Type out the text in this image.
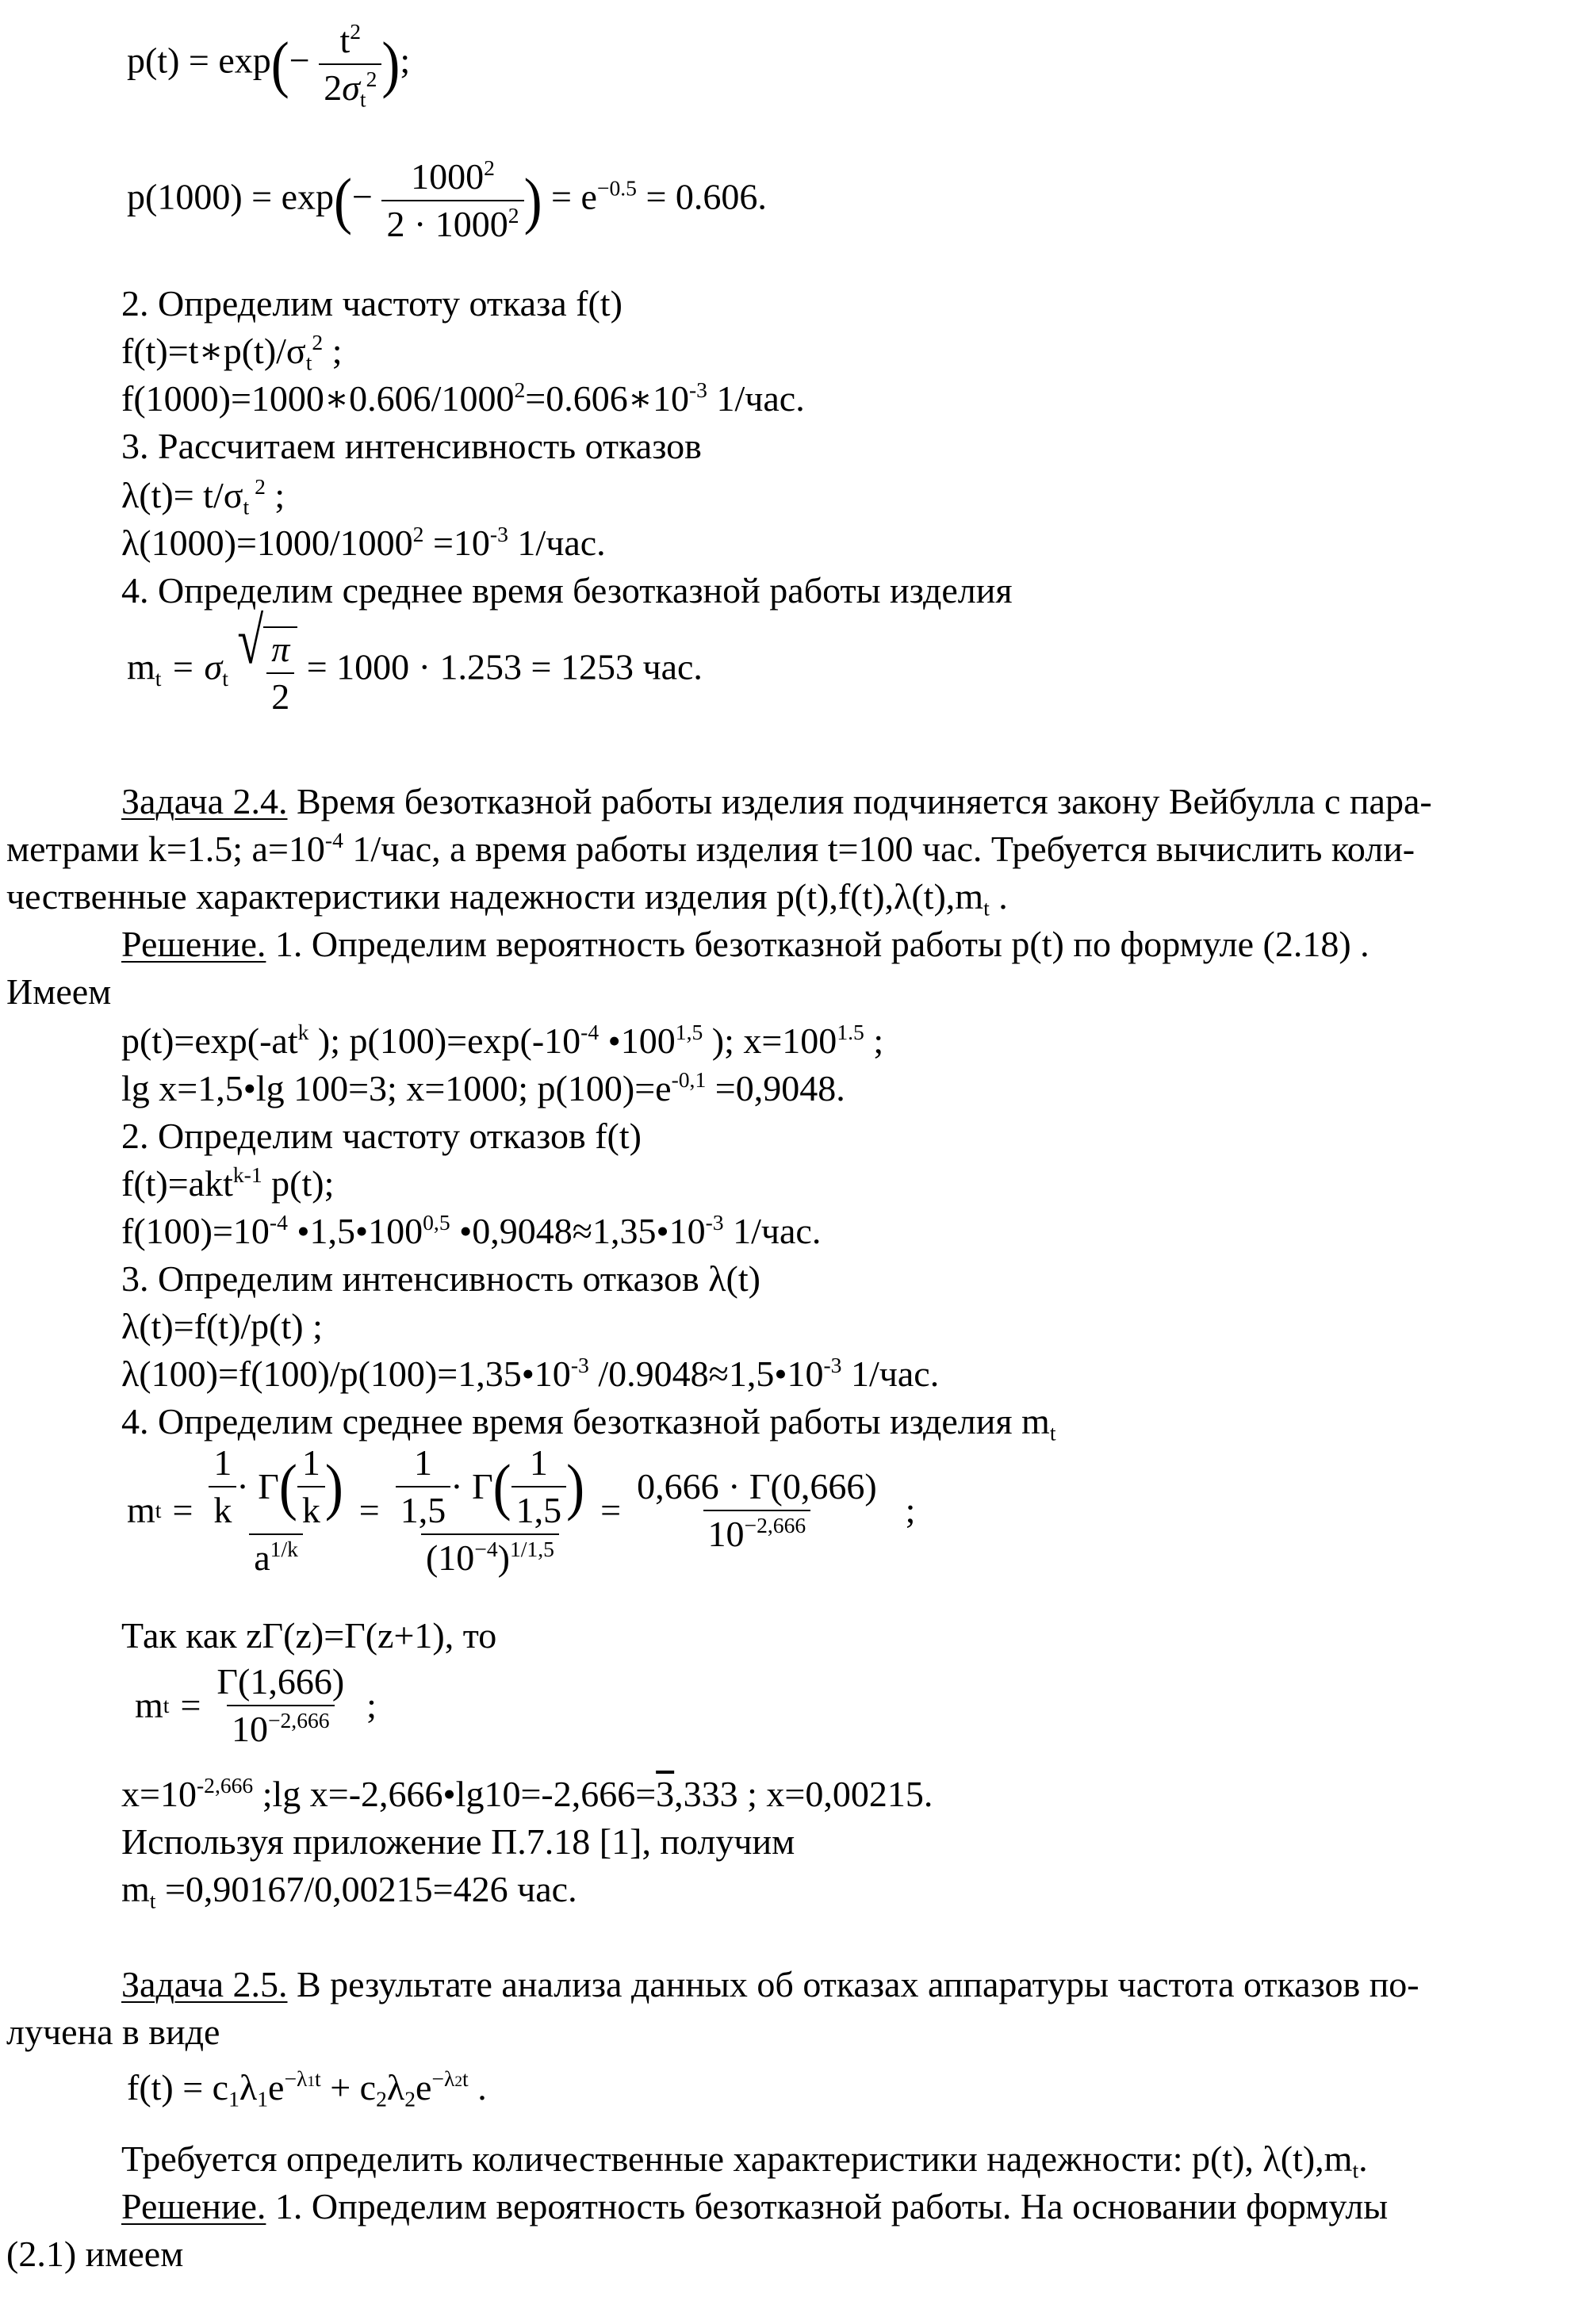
$p(t) = \exp(- \frac{t^2}{2\sigma_t^2}$ );
$p(1000) = \exp(- \frac{1000^2}{2 \cdot 1000^2}$ ) = $e^{-0.5} = 0.606$.
2. Определим частоту отказа f(t)
$f(t)=t∗p(t)/\sigma_t^2$ ;
$f(1000)=1000∗0.606/1000^2=0.606∗10^{-3}$ 1/час.
3. Рассчитаем интенсивность отказов
$\lambda(t)= t/\sigma_t$ $^2$ ;
$\lambda(1000)=1000/1000^2 =10^{-3}$ 1/час.
4. Определим среднее время безотказной работы изделия
$m_t = \sigma_t$
√ $\frac{\pi}{2} = 1000 \cdot 1.253 = 1253$ час.
Задача 2.4. Время безотказной работы изделия подчиняется закону Вейбулла с пара-
метрами k=1.5; $a=10^{-4}$ 1/час, а время работы изделия t=100 час. Требуется вычислить коли-
чественные характеристики надежности изделия $p(t),f(t),\lambda(t),m_t$ .
Решение. 1. Определим вероятность безотказной работы p(t) по формуле (2.18) .
Имеем
$p(t)=\exp(-at^k$ ); $p(100)=\exp(-10^{-4}$ •100$^{1,5}$ ); $x=100^{1.5}$ ;
lg x=1,5•lg 100=3; x=1000; $p(100)=e^{-0,1} =0,9048$.
2. Определим частоту отказов f(t)
f(t)=akt$^{k-1}$ p(t);
$f(100)=10^{-4}$ •1,5•100$^{0,5}$ $•0,9048\approx 1,35•10^{-3}$ 1/час.
3. Определим интенсивность отказов λ(t)
λ(t)=f(t)/p(t) ;
$\lambda(100)=f(100)/p(100)=1,35•10^{-3}$ $/0.9048\approx 1,5•10^{-3}$ 1/час.
4. Определим среднее время безотказной работы изделия $m_t$
m $t = \frac{\frac{1}{k} \cdot \Gamma ( \frac{1}{k} )}{a^{1/k}} = \frac{\frac{1}{1,5} \cdot \Gamma ( \frac{1}{1,5} )}{(10^{-4})^{1/1,5}} = \frac{0,666 \cdot \Gamma(0,666)}{10^{-2,666}}$ ;
Так как zΓ(z)=Γ(z+1), то
m $t = \frac{\Gamma(1,666)}{10^{-2,666}}$ ;
$x=10^{-2,666}$ ;lg x=-2,666•lg10=-2,666=3,333 ; x=0,00215.
Используя приложение П.7.18 [1], получим
$m_t =0,90167/0,00215=426$ час.
Задача 2.5. В результате анализа данных об отказах аппаратуры частота отказов по-
лучена в виде
$f(t) = c_1\lambda_1e^{-\lambda 1t} + c_2\lambda_2e^{-\lambda 2t}$ .
Требуется определить количественные характеристики надежности: p(t), $\lambda(t),m_t$.
Решение. 1. Определим вероятность безотказной работы. На основании формулы
(2.1) имеем
